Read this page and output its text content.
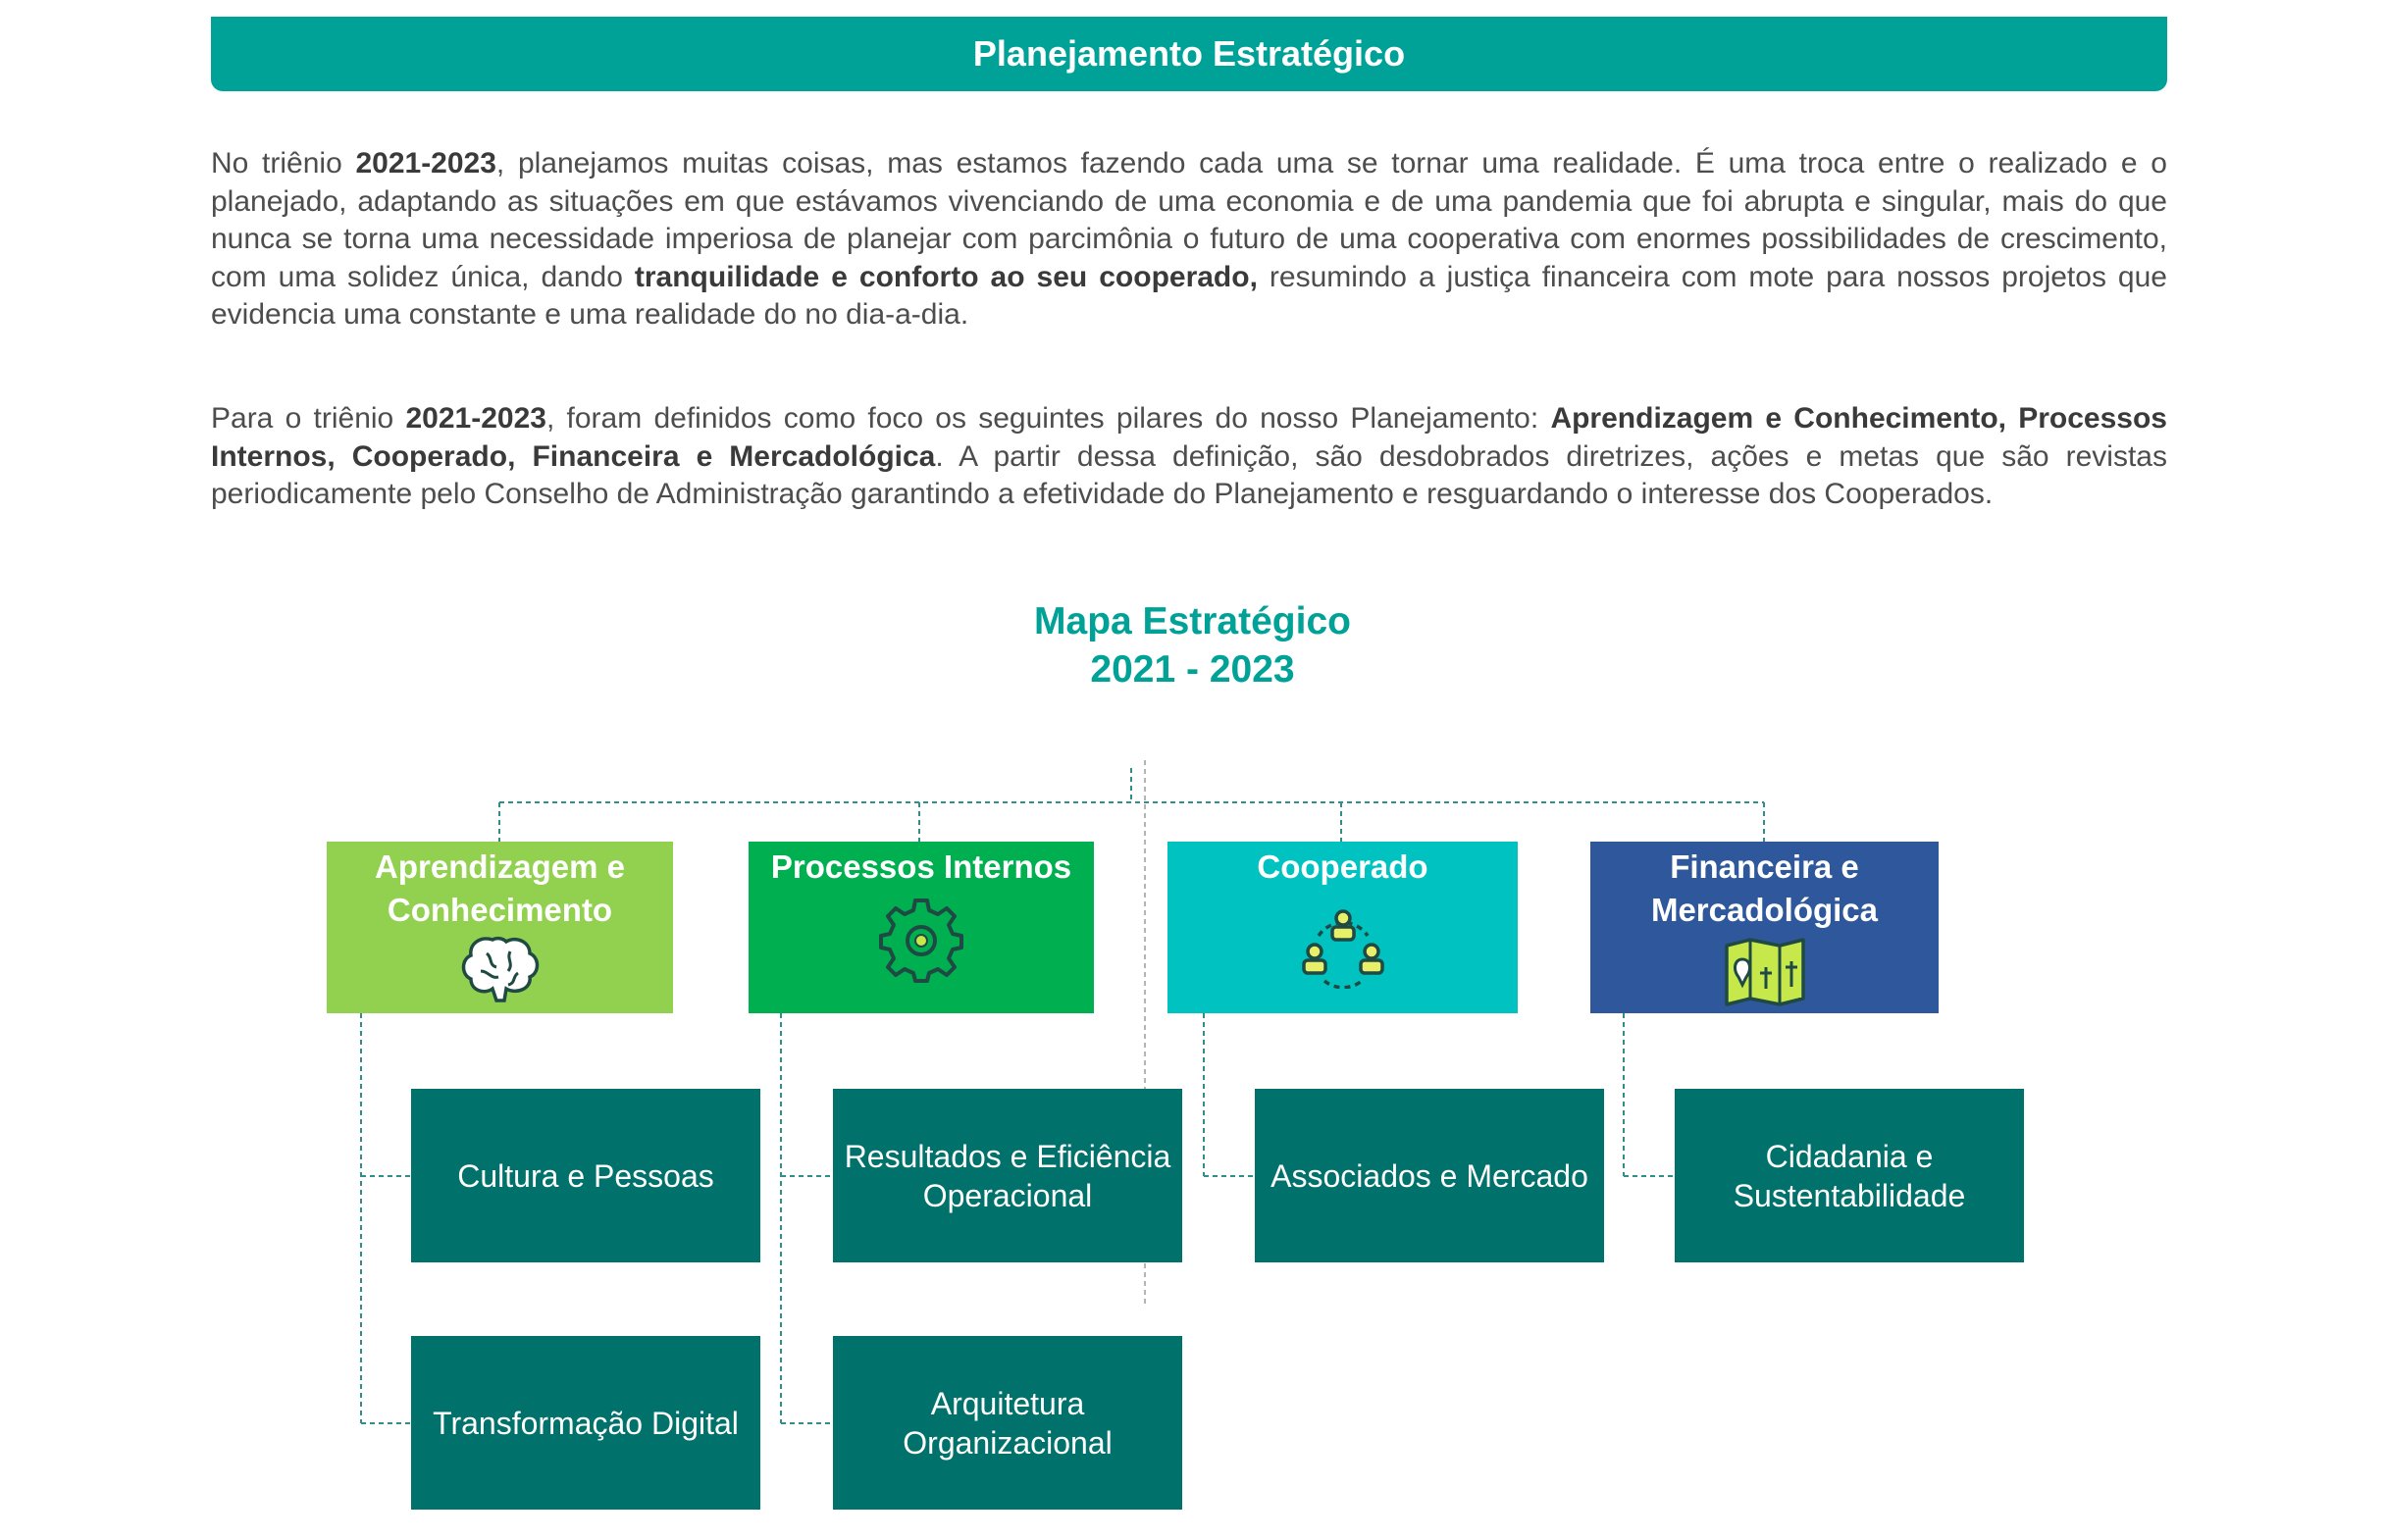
Planejamento Estratégico

No triênio 2021-2023, planejamos muitas coisas, mas estamos fazendo cada uma se tornar uma realidade. É uma troca entre o realizado e o planejado, adaptando as situações em que estávamos vivenciando de uma economia e de uma pandemia que foi abrupta e singular, mais do que nunca se torna uma necessidade imperiosa de planejar com parcimônia o futuro de uma cooperativa com enormes possibilidades de crescimento, com uma solidez única, dando tranquilidade e conforto ao seu cooperado, resumindo a justiça financeira com mote para nossos projetos que evidencia uma constante e uma realidade do no dia-a-dia.

Para o triênio 2021-2023, foram definidos como foco os seguintes pilares do nosso Planejamento: Aprendizagem e Conhecimento, Processos Internos, Cooperado, Financeira e Mercadológica. A partir dessa definição, são desdobrados diretrizes, ações e metas que são revistas periodicamente pelo Conselho de Administração garantindo a efetividade do Planejamento e resguardando o interesse dos Cooperados.

Mapa Estratégico
2021 - 2023
Aprendizagem e Conhecimento
Processos Internos	Cooperado	Financeira e Mercadológica
Cultura e Pessoas
Transformação Digital
Resultados e Eficiência Operacional
Arquitetura Organizacional
Associados e Mercado
Cidadania e Sustentabilidade
